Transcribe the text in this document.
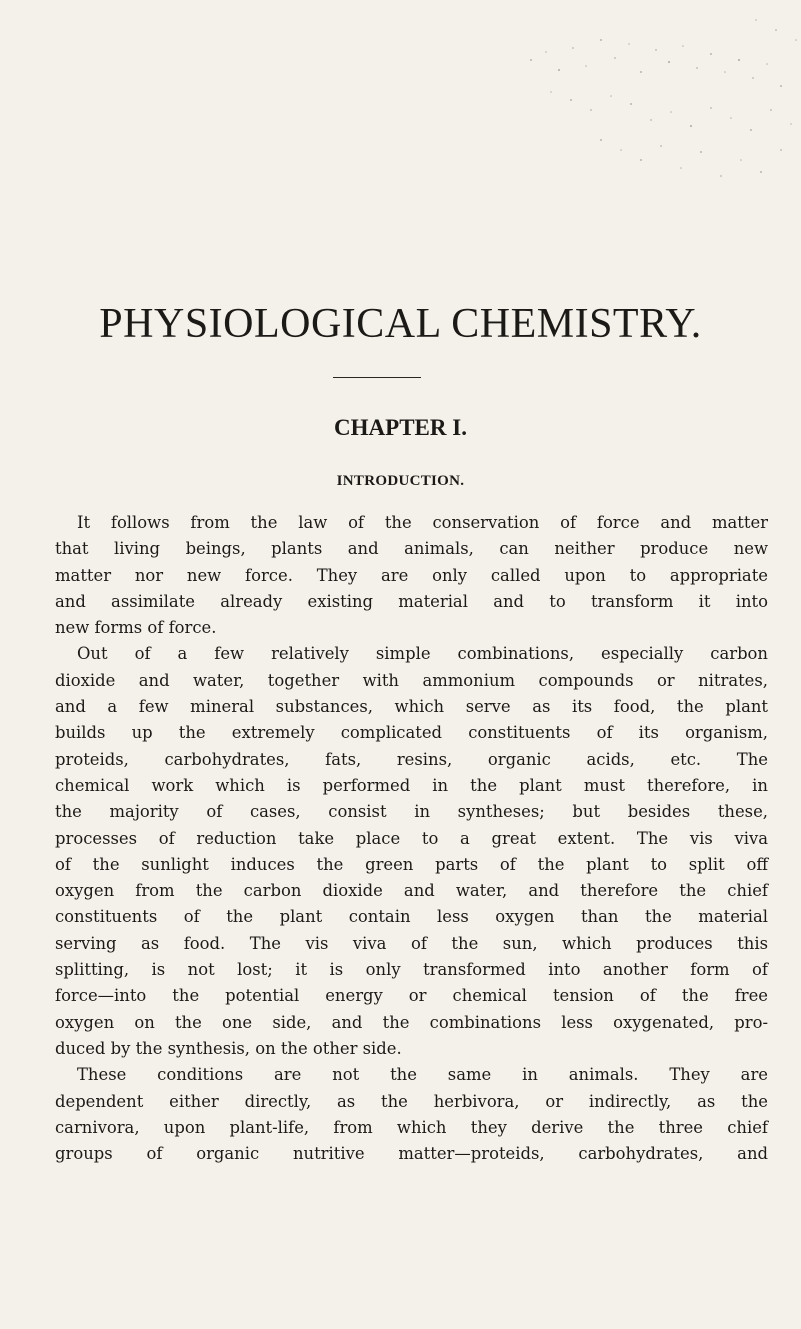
PHYSIOLOGICAL CHEMISTRY.
CHAPTER I.
INTRODUCTION.

It follows from the law of the conservation of force and matter
that living beings, plants and animals, can neither produce new
matter nor new force. They are only called upon to appropriate
and assimilate already existing material and to transform it into
new forms of force.

Out of a few relatively simple combinations, especially carbon
dioxide and water, together with ammonium compounds or nitrates,
and a few mineral substances, which serve as its food, the plant
builds up the extremely complicated constituents of its organism,
proteids, carbohydrates, fats, resins, organic acids, etc. The
chemical work which is performed in the plant must therefore, in
the majority of cases, consist in syntheses; but besides these,
processes of reduction take place to a great extent. The vis viva
of the sunlight induces the green parts of the plant to split off
oxygen from the carbon dioxide and water, and therefore the chief
constituents of the plant contain less oxygen than the material
serving as food. The vis viva of the sun, which produces this
splitting, is not lost; it is only transformed into another form of
force—into the potential energy or chemical tension of the free
oxygen on the one side, and the combinations less oxygenated, pro-
duced by the synthesis, on the other side.

These conditions are not the same in animals. They are
dependent either directly, as the herbivora, or indirectly, as the
carnivora, upon plant-life, from which they derive the three chief
groups of organic nutritive matter—proteids, carbohydrates, and
